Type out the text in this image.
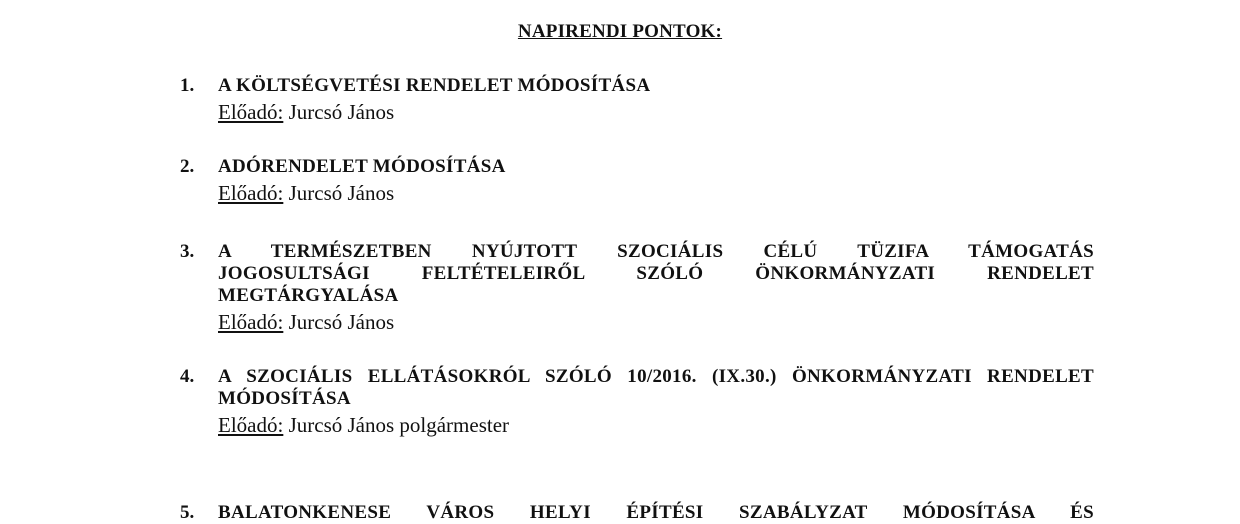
NAPIRENDI PONTOK:
1. A KÖLTSÉGVETÉSI RENDELET MÓDOSÍTÁSA
Előadó: Jurcsó János
2. ADÓRENDELET MÓDOSÍTÁSA
Előadó: Jurcsó János
3. A TERMÉSZETBEN NYÚJTOTT SZOCIÁLIS CÉLÚ TÜZIFA TÁMOGATÁS
JOGOSULTSÁGI FELTÉTELEIRŐL SZÓLÓ ÖNKORMÁNYZATI RENDELET
MEGTÁRGYALÁSA
Előadó: Jurcsó János
4. A SZOCIÁLIS ELLÁTÁSOKRÓL SZÓLÓ 10/2016. (IX.30.) ÖNKORMÁNYZATI RENDELET
MÓDOSÍTÁSA
Előadó: Jurcsó János polgármester
5. BALATONKENESE VÁROS HELYI ÉPÍTÉSI SZABÁLYZAT MÓDOSÍTÁSA ÉS
